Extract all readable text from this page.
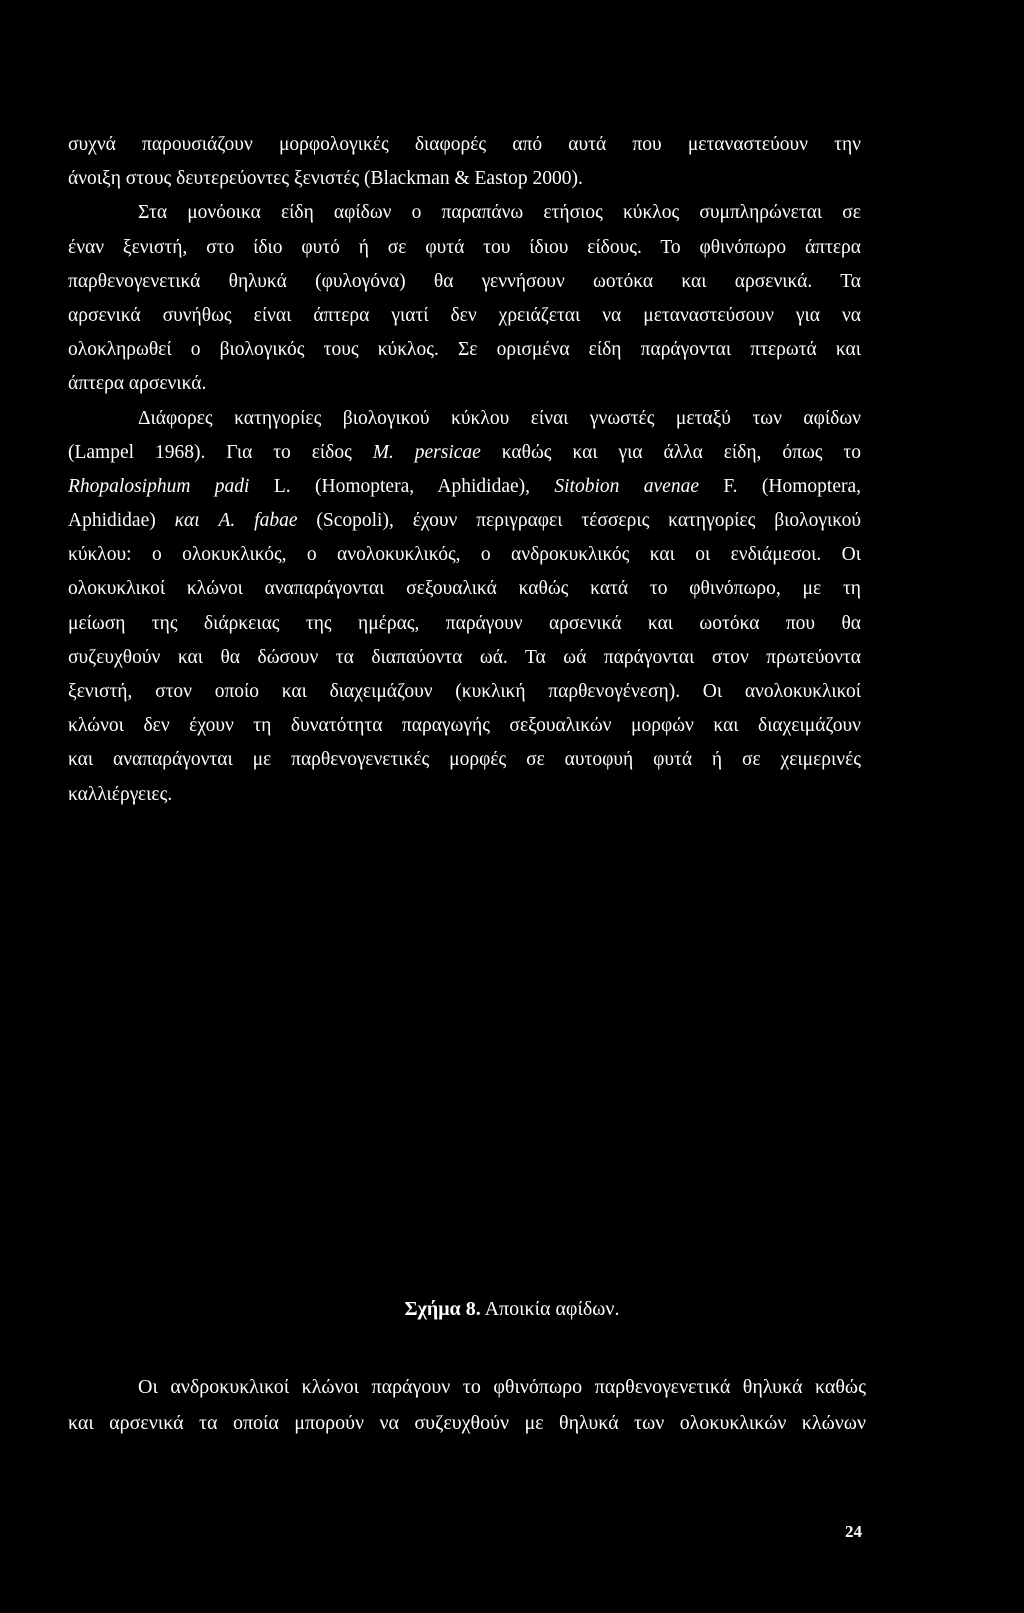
συχνά παρουσιάζουν μορφολογικές διαφορές από αυτά που μεταναστεύουν την
άνοιξη στους δευτερεύοντες ξενιστές (Blackman & Eastop 2000).
Στα μονόοικα είδη αφίδων ο παραπάνω ετήσιος κύκλος συμπληρώνεται σε
έναν ξενιστή, στο ίδιο φυτό ή σε φυτά του ίδιου είδους. Το φθινόπωρο άπτερα
παρθενογενετικά θηλυκά (φυλογόνα) θα γεννήσουν ωοτόκα και αρσενικά. Τα
αρσενικά συνήθως είναι άπτερα γιατί δεν χρειάζεται να μεταναστεύσουν για να
ολοκληρωθεί ο βιολογικός τους κύκλος. Σε ορισμένα είδη παράγονται πτερωτά και
άπτερα αρσενικά.
Διάφορες κατηγορίες βιολογικού κύκλου είναι γνωστές μεταξύ των αφίδων
(Lampel 1968). Για το είδος M. persicae καθώς και για άλλα είδη, όπως το
Rhopalosiphum padi L. (Homoptera, Aphididae), Sitobion avenae F. (Homoptera,
Aphididae) και A. fabae (Scopoli), έχουν περιγραφει τέσσερις κατηγορίες βιολογικού
κύκλου: ο ολοκυκλικός, ο ανολοκυκλικός, ο ανδροκυκλικός και οι ενδιάμεσοι. Οι
ολοκυκλικοί κλώνοι αναπαράγονται σεξουαλικά καθώς κατά το φθινόπωρο, με τη
μείωση της διάρκειας της ημέρας, παράγουν αρσενικά και ωοτόκα που θα
συζευχθούν και θα δώσουν τα διαπαύοντα ωά. Τα ωά παράγονται στον πρωτεύοντα
ξενιστή, στον οποίο και διαχειμάζουν (κυκλική παρθενογένεση). Οι ανολοκυκλικοί
κλώνοι δεν έχουν τη δυνατότητα παραγωγής σεξουαλικών μορφών και διαχειμάζουν
και αναπαράγονται με παρθενογενετικές μορφές σε αυτοφυή φυτά ή σε χειμερινές
καλλιέργειες.
Σχήμα 8. Αποικία αφίδων.
Οι ανδροκυκλικοί κλώνοι παράγουν το φθινόπωρο παρθενογενετικά θηλυκά καθώς
και αρσενικά τα οποία μπορούν να συζευχθούν με θηλυκά των ολοκυκλικών κλώνων
24
